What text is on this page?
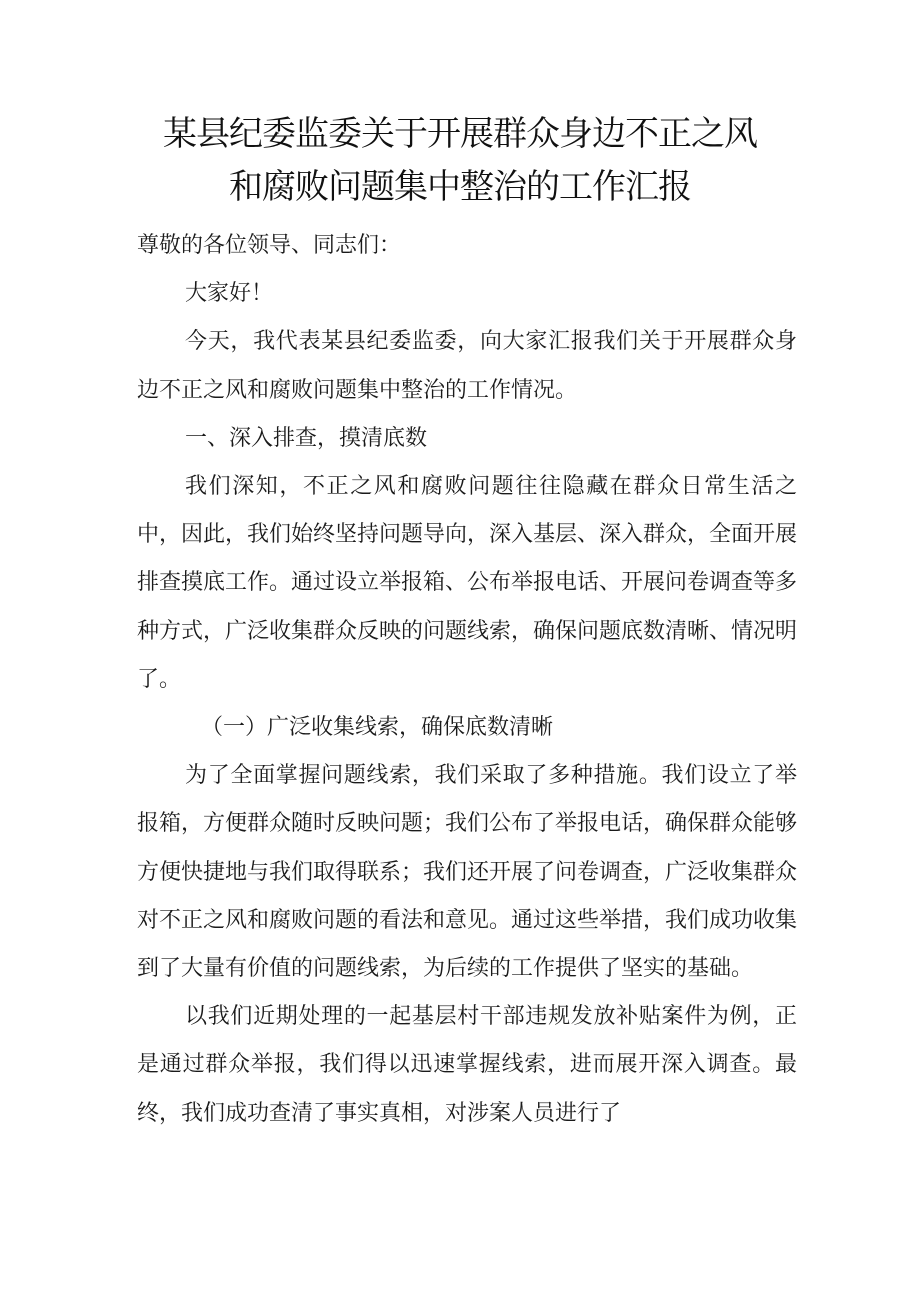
某县纪委监委关于开展群众身边不正之风
和腐败问题集中整治的工作汇报

尊敬的各位领导、同志们：

大家好！

今天，我代表某县纪委监委，向大家汇报我们关于开展群众身边不正之风和腐败问题集中整治的工作情况。

一、深入排查，摸清底数

我们深知，不正之风和腐败问题往往隐藏在群众日常生活之中，因此，我们始终坚持问题导向，深入基层、深入群众，全面开展排查摸底工作。通过设立举报箱、公布举报电话、开展问卷调查等多种方式，广泛收集群众反映的问题线索，确保问题底数清晰、情况明了。

（一）广泛收集线索，确保底数清晰

为了全面掌握问题线索，我们采取了多种措施。我们设立了举报箱，方便群众随时反映问题；我们公布了举报电话，确保群众能够方便快捷地与我们取得联系；我们还开展了问卷调查，广泛收集群众对不正之风和腐败问题的看法和意见。通过这些举措，我们成功收集到了大量有价值的问题线索，为后续的工作提供了坚实的基础。

以我们近期处理的一起基层村干部违规发放补贴案件为例，正是通过群众举报，我们得以迅速掌握线索，进而展开深入调查。最终，我们成功查清了事实真相，对涉案人员进行了
